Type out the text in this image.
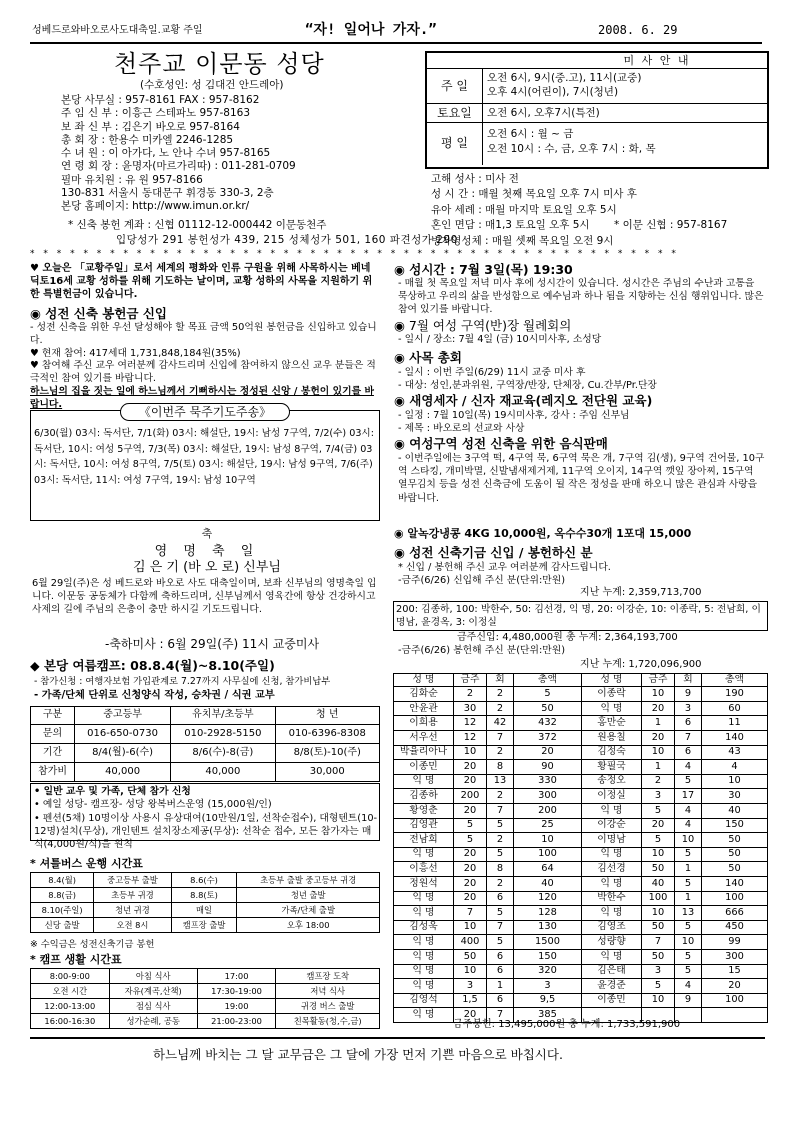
성베드로와바오로사도대축일.교황 주일	“자! 일어나 가자.”	2008. 6. 29
천주교 이문동 성당
(수호성인: 성 김대건 안드레아)
본당 사무실 : 957-8161 FAX : 957-8162
주 임 신 부 : 이흥근 스테파노 957-8163
보 좌 신 부 : 김은기 바오로 957-8164
총 회 장 : 한용수 미카엘 2246-1285
수 녀 원 : 이 아가다, 노 안나 수녀 957-8165
연 령 회 장 : 윤명자(마르가리따) : 011-281-0709
필마 유치원 : 유 원 957-8166
130-831 서울시 동대문구 휘경동 330-3, 2층
본당 홈페이지: http://www.imun.or.kr/
* 신축 봉헌 계좌 : 신협 01112-12-000442 이문동천주	* 이문 신협 : 957-8167
미 사 안 내
주 일
오전 6시, 9시(중.고), 11시(교중)
오후 4시(어린이), 7시(청년)
토요일	오전 6시, 오후7시(특전)
평 일
오전 6시 : 월 ~ 금
오전 10시 : 수, 금, 오후 7시 : 화, 목
고해 성사 : 미사 전
성 시 간 : 매월 첫째 목요일 오후 7시 미사 후
유아 세례 : 매월 마지막 토요일 오후 5시
혼인 면담 : 매1,3 토요일 오후 5시
병자영성체 : 매월 셋째 목요일 오전 9시
입당성가 291 봉헌성가 439, 215 성체성가 501, 160 파견성가 290
* * * * * * * * * * * * * * * * * * * * * * * * * * * * * * * * * * * * * * * * * * * * * * * * *
♥ 오늘은 「교황주일」로서 세계의 평화와 인류 구원을 위해 사목하시는 베네딕토16세 교황 성하를 위해 기도하는 날이며, 교황 성하의 사목을 지원하기 위한 특별헌금이 있습니다.
◉ 성전 신축 봉헌금 신입
- 성전 신축을 위한 우선 달성해야 할 목표 금액 50억원 봉헌금을 신입하고 있습니다.
♥ 현재 참여: 417세대 1,731,848,184원(35%)
♥ 참여해 주신 교우 여러분께 감사드리며 신입에 참여하지 않으신 교우 분들은 적극적인 참여 있기를 바랍니다.
하느님의 집을 짓는 일에 하느님께서 기뻐하시는 정성된 신앙 / 봉헌이 있기를 바랍니다.
《이번주 묵주기도주송》
6/30(월) 03시: 독서단, 7/1(화) 03시: 해설단, 19시: 남성 7구역, 7/2(수) 03시: 독서단, 10시: 여성 5구역, 7/3(목) 03시: 해설단, 19시: 남성 8구역, 7/4(금) 03시: 독서단, 10시: 여성 8구역, 7/5(토) 03시: 해설단, 19시: 남성 9구역, 7/6(주) 03시: 독서단, 11시: 여성 7구역, 19시: 남성 10구역
축
영 명 축 일
김 은 기 (바 오 로) 신부님
6월 29일(주)은 성 베드로와 바오로 사도 대축일이며, 보좌 신부님의 영명축일 입니다. 이문동 공동체가 다함께 축하드리며, 신부님께서 영육간에 항상 건강하시고 사제의 길에 주님의 은총이 충만 하시길 기도드립니다.
-축하미사 : 6월 29일(주) 11시 교중미사
◆ 본당 여름캠프: 08.8.4(월)~8.10(주일)
- 참가신청 : 여행자보험 가입관계로 7.27까지 사무실에 신청, 참가비납부
- 가족/단체 단위로 신청양식 작성, 승차권 / 식권 교부
구분	중고등부	유치부/초등부	청 년
문의	016-650-0730	010-2928-5150	010-6396-8308
기간	8/4(월)-6(수)	8/6(수)-8(금)	8/8(토)-10(주)
참가비	40,000	40,000	30,000
• 일반 교우 및 가족, 단체 참가 신청
• 예일 성당- 캠프장- 성당 왕복버스운영 (15,000원/인)
• 펜션(5채) 10명이상 사용시 유상대여(10만원/1일, 선착순접수), 대형텐트(10-12명)설치(무상), 개인텐트 설치장소제공(무상): 선착순 접수, 모든 참가자는 매식(4,000원/식)을 원칙
* 셔틀버스 운행 시간표
8.4(월)	중고등부 출발	8.6(수)	초등부 출발 중고등부 귀경
8.8(금)	초등부 귀경	8.8(토)	청년 출발
8.10(주일)	청년 귀경	매일	가족/단체 출발
신당 출발	오전 8시	캠프장 출발	오후 18:00
※ 수익금은 성전신축기금 봉헌
* 캠프 생활 시간표
8:00-9:00	아침 식사	17:00	캠프장 도착
오전 시간	자유(계곡,산책)	17:30-19:00	저녁 식사
12:00-13:00	점심 식사	19:00	귀경 버스 출발
16:00-16:30	성가순례, 공동	21:00-23:00	친목활동(청,수,금)
◉ 성시간 : 7월 3일(목) 19:30
- 매월 첫 목요일 저녁 미사 후에 성시간이 있습니다. 성시간은 주님의 수난과 고통을 묵상하고 우리의 삶을 반성함으로 예수님과 하나 됨을 지향하는 신심 행위입니다. 많은 참여 있기를 바랍니다.
◉ 7월 여성 구역(반)장 월례회의
- 일시 / 장소: 7월 4일 (금) 10시미사후, 소성당
◉ 사목 총회
- 일시 : 이번 주일(6/29) 11시 교중 미사 후
- 대상: 성인,분과위원, 구역장/반장, 단체장, Cu.간부/Pr.단장
◉ 새영세자 / 신자 재교육(레지오 전단원 교육)
- 일정 : 7월 10일(목) 19시미사후, 강사 : 주임 신부님
- 제목 : 바오로의 선교와 사상
◉ 여성구역 성전 신축을 위한 음식판매
- 이번주일에는 3구역 떡, 4구역 묵, 6구역 묵은 개, 7구역 김(생), 9구역 건어물, 10구역 스타킹, 개미박멸, 신발냄새제거제, 11구역 오이지, 14구역 깻잎 장아찌, 15구역 열무김치 등을 성전 신축금에 도움이 될 작은 정성을 판매 하오니 많은 관심과 사랑을 바랍니다.
◉ 알녹강냉콩 4KG 10,000원, 옥수수30개 1포대 15,000
◉ 성전 신축기금 신입 / 봉헌하신 분
* 신입 / 봉헌해 주신 교우 여러분께 감사드립니다.
-금주(6/26) 신입해 주신 분(단위:만원)
지난 누계: 2,359,713,700
200: 김종하, 100: 박한수, 50: 김선경, 익 명, 20: 이강순, 10: 이종락, 5: 전남희, 이명남, 윤경옥, 3: 이정실
금주신입: 4,480,000원 총 누계: 2,364,193,700
-금주(6/26) 봉헌해 주신 분(단위:만원)
지난 누계: 1,720,096,900
성 명	금주	회	총액	성 명	금주	회	총액
김화순	2	2	5	이종락	10	9	190
안윤관	30	2	50	익 명	20	3	60
이희용	12	42	432	홍만순	1	6	11
서우선	12	7	372	원용칠	20	7	140
박율리아나	10	2	20	김정숙	10	6	43
이종민	20	8	90	황필국	1	4	4
익 명	20	13	330	송정오	2	5	10
김종하	200	2	300	이정실	3	17	30
황영춘	20	7	200	익 명	5	4	40
김영관	5	5	25	이강순	20	4	150
전남희	5	2	10	이명남	5	10	50
익 명	20	5	100	익 명	10	5	50
이흥선	20	8	64	김선경	50	1	50
정원석	20	2	40	익 명	40	5	140
익 명	20	6	120	박한수	100	1	100
익 명	7	5	128	익 명	10	13	666
김성욱	10	7	130	김영조	50	5	450
익 명	400	5	1500	성량향	7	10	99
익 명	50	6	150	익 명	50	5	300
익 명	10	6	320	김은태	3	5	15
익 명	3	1	3	윤경준	5	4	20
김영석	1,5	6	9,5	이종민	10	9	100
익 명	20	7	385				
금주봉헌: 13,495,000원 총 누계: 1,733,591,900
하느님께 바치는 그 달 교무금은 그 달에 가장 먼저 기쁜 마음으로 바칩시다.
